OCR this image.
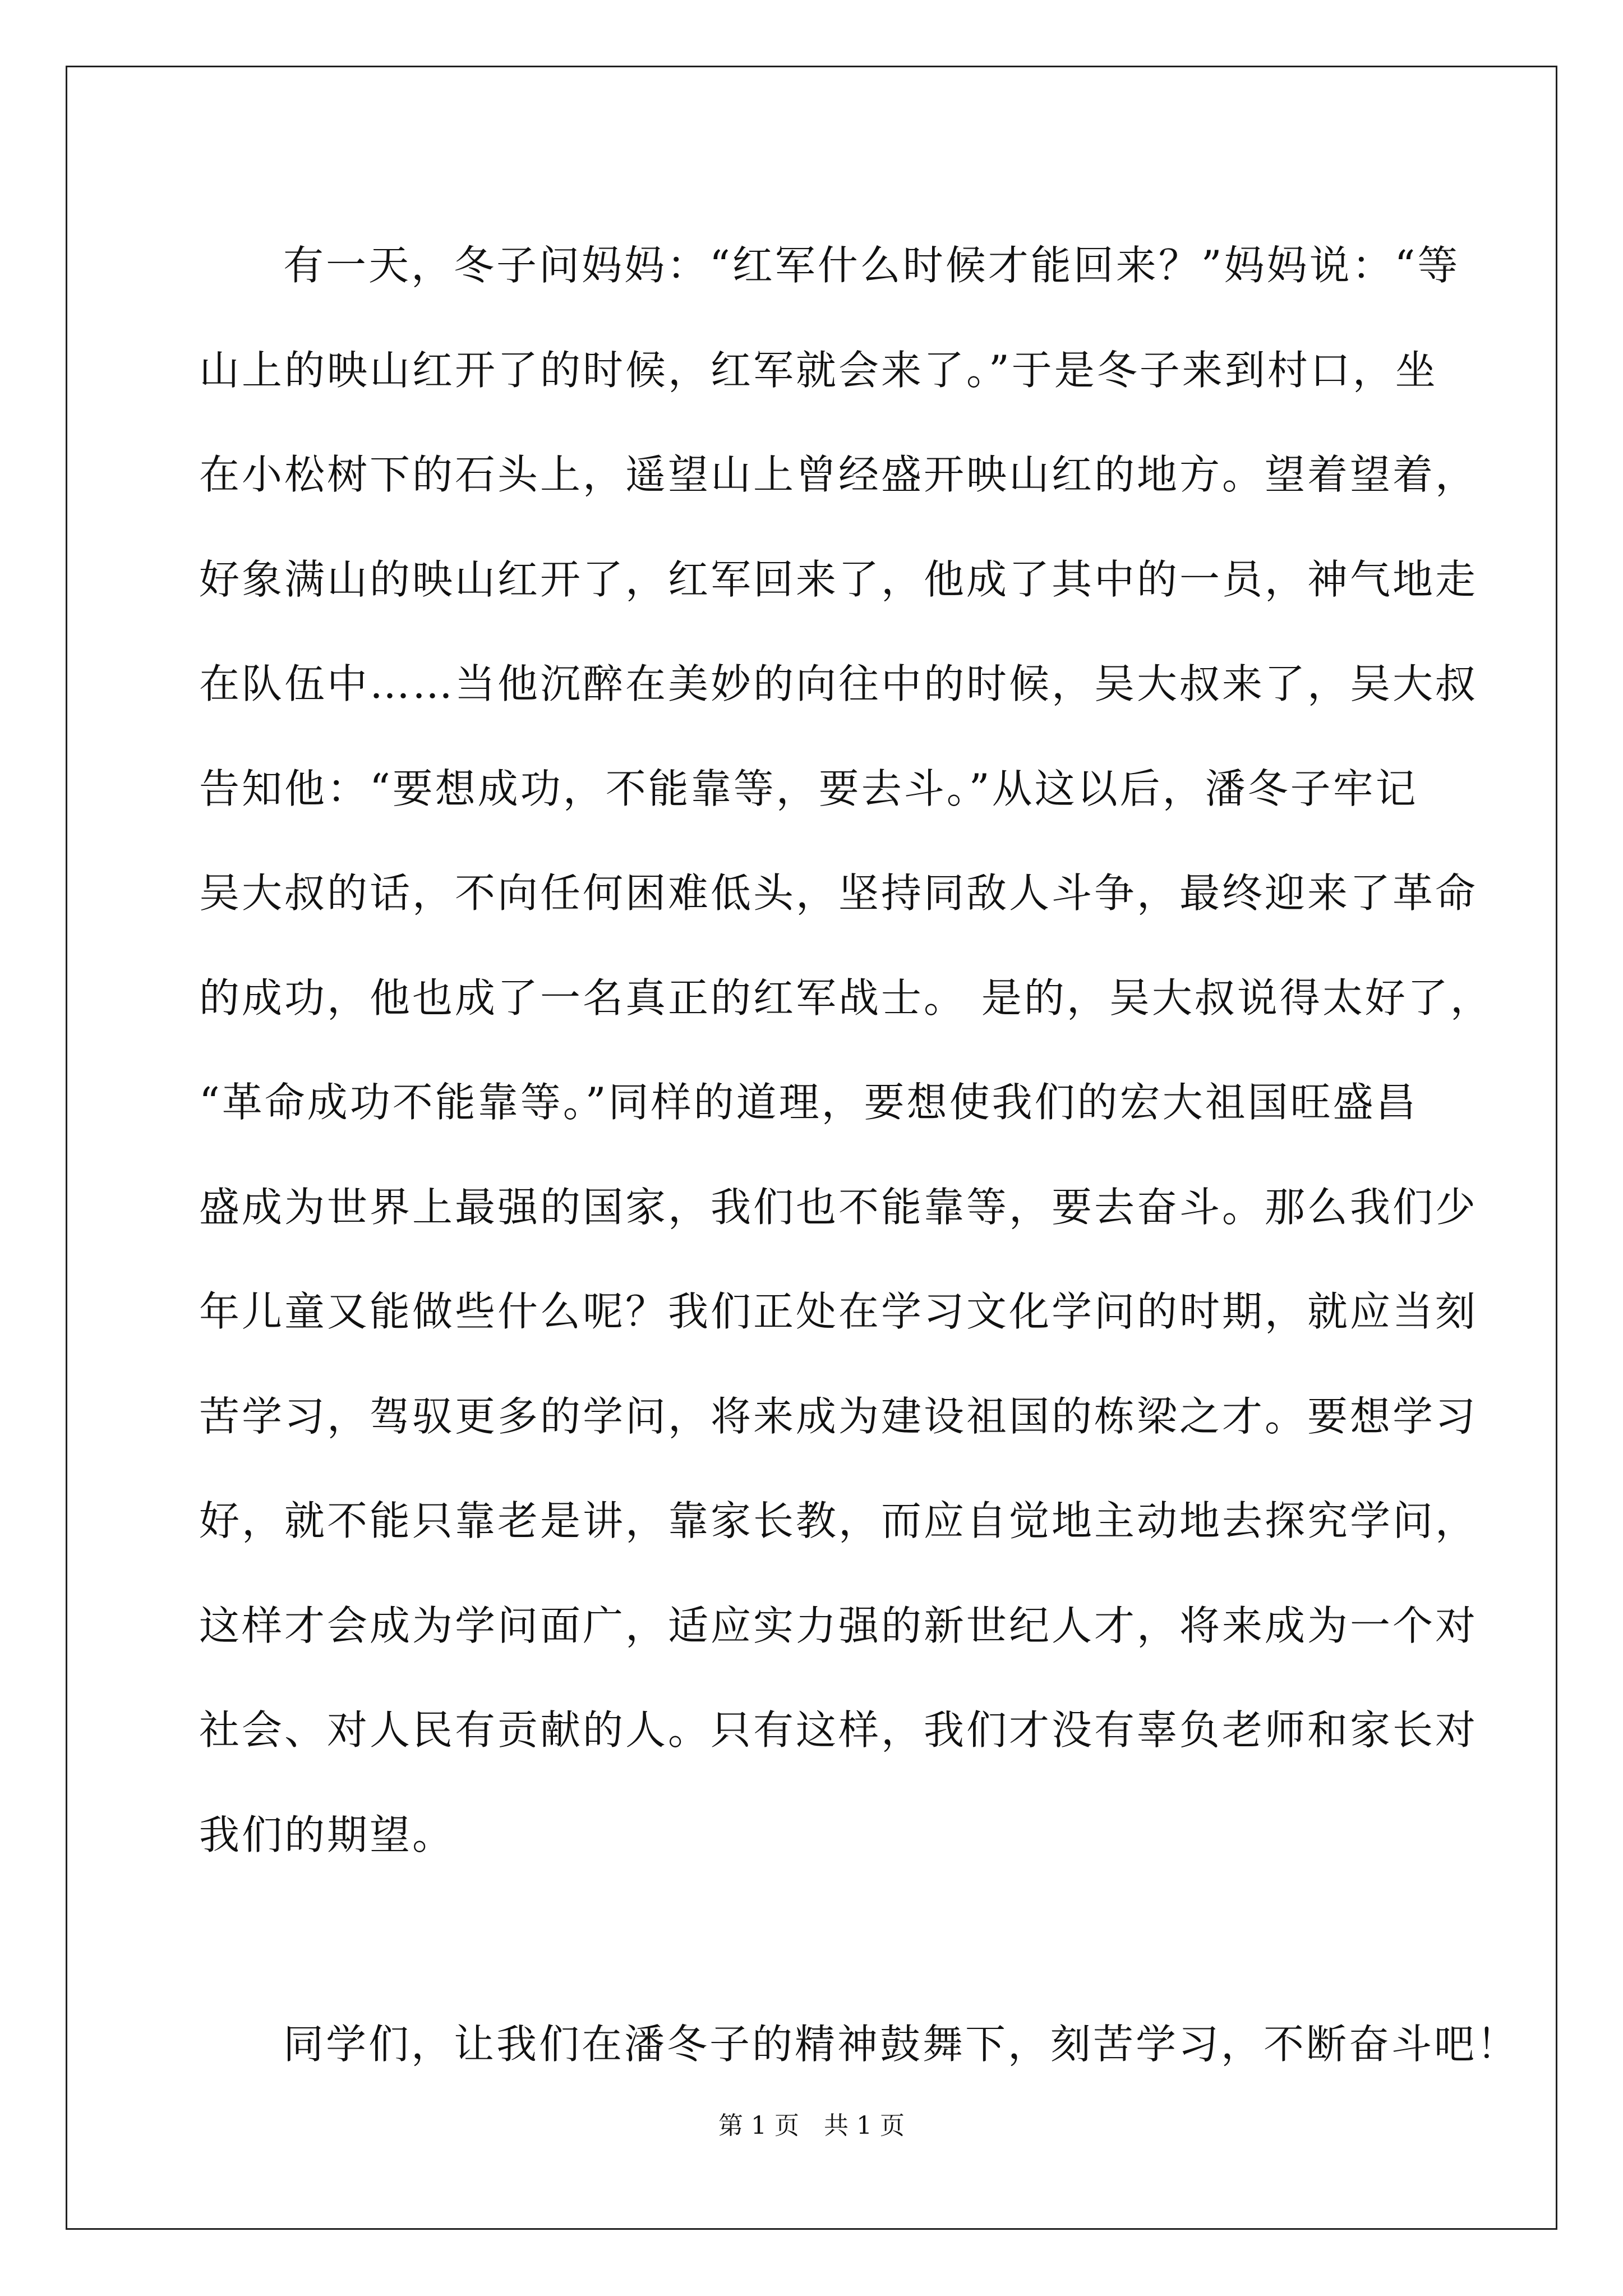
有一天，冬子问妈妈：“红军什么时候才能回来？”妈妈说：“等
山上的映山红开了的时候，红军就会来了。”于是冬子来到村口，坐
在小松树下的石头上，遥望山上曾经盛开映山红的地方。望着望着，
好象满山的映山红开了，红军回来了，他成了其中的一员，神气地走
在队伍中……当他沉醉在美妙的向往中的时候，吴大叔来了，吴大叔
告知他：“要想成功，不能靠等，要去斗。”从这以后，潘冬子牢记
吴大叔的话，不向任何困难低头，坚持同敌人斗争，最终迎来了革命
的成功，他也成了一名真正的红军战士。 是的，吴大叔说得太好了，
“革命成功不能靠等。”同样的道理，要想使我们的宏大祖国旺盛昌
盛成为世界上最强的国家，我们也不能靠等，要去奋斗。那么我们少
年儿童又能做些什么呢？我们正处在学习文化学问的时期，就应当刻
苦学习，驾驭更多的学问，将来成为建设祖国的栋梁之才。要想学习
好，就不能只靠老是讲，靠家长教，而应自觉地主动地去探究学问，
这样才会成为学问面广，适应实力强的新世纪人才，将来成为一个对
社会、对人民有贡献的人。只有这样，我们才没有辜负老师和家长对
我们的期望。
同学们，让我们在潘冬子的精神鼓舞下，刻苦学习，不断奋斗吧！
第 1 页　共 1 页
